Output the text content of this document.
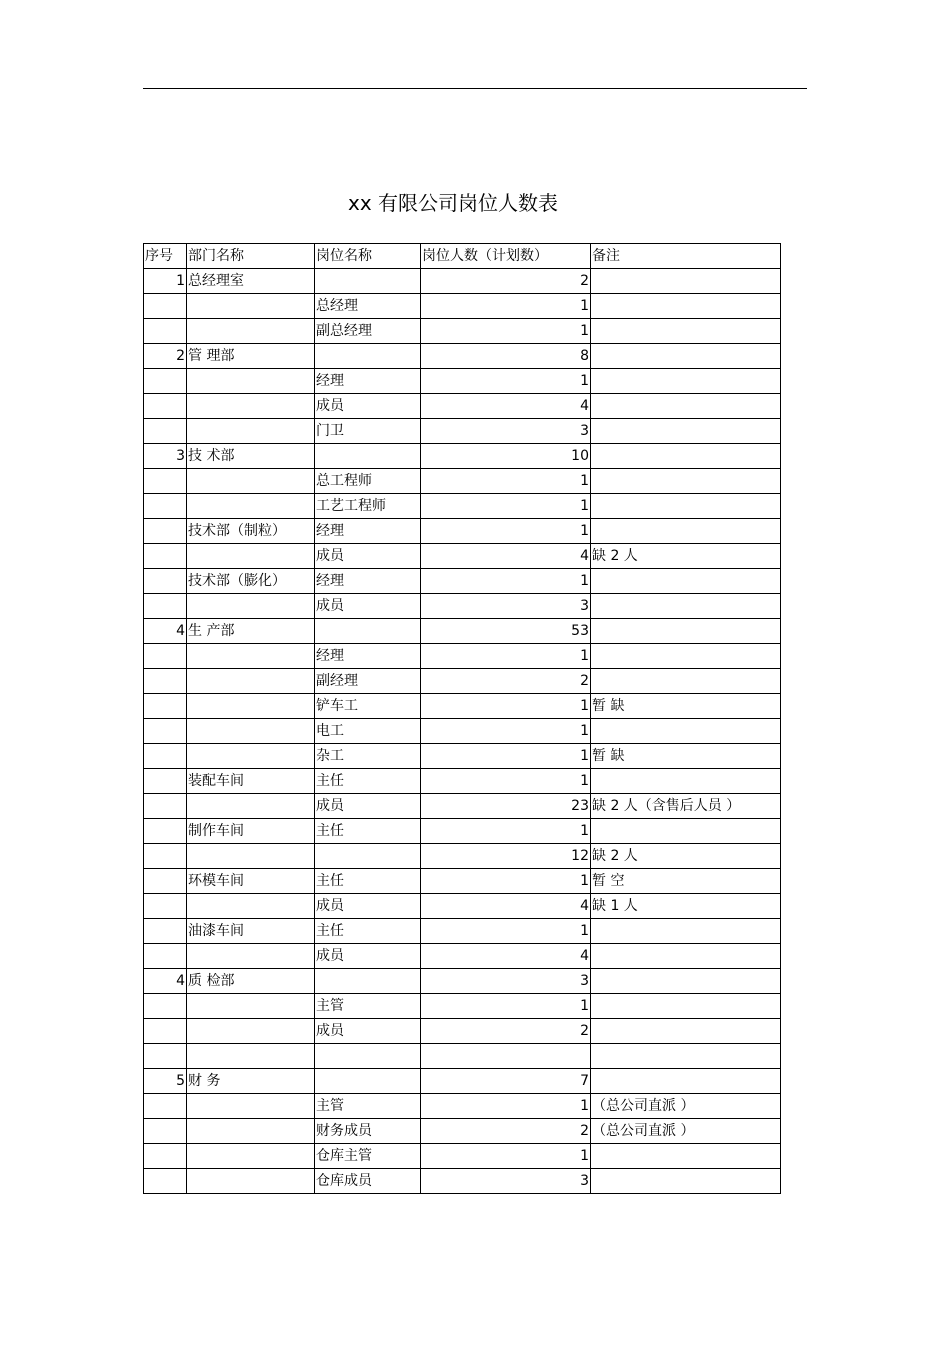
xx 有限公司岗位人数表
序号	部门名称	岗位名称	岗位人数（计划数）	备注
1	总经理室		2	
		总经理	1	
		副总经理	1	
2	管 理部		8	
		经理	1	
		成员	4	
		门卫	3	
3	技 术部		10	
		总工程师	1	
		工艺工程师	1	
	技术部（制粒）	经理	1	
		成员	4	缺 2 人
	技术部（膨化）	经理	1	
		成员	3	
4	生 产部		53	
		经理	1	
		副经理	2	
		铲车工	1	暂 缺
		电工	1	
		杂工	1	暂 缺
	装配车间	主任	1	
		成员	23	缺 2 人（含售后人员 ）
	制作车间	主任	1	
			12	缺 2 人
	环模车间	主任	1	暂 空
		成员	4	缺 1 人
	油漆车间	主任	1	
		成员	4	
4	质 检部		3	
		主管	1	
		成员	2	

5	财 务		7	
		主管	1	（总公司直派 ）
		财务成员	2	（总公司直派 ）
		仓库主管	1	
		仓库成员	3	
